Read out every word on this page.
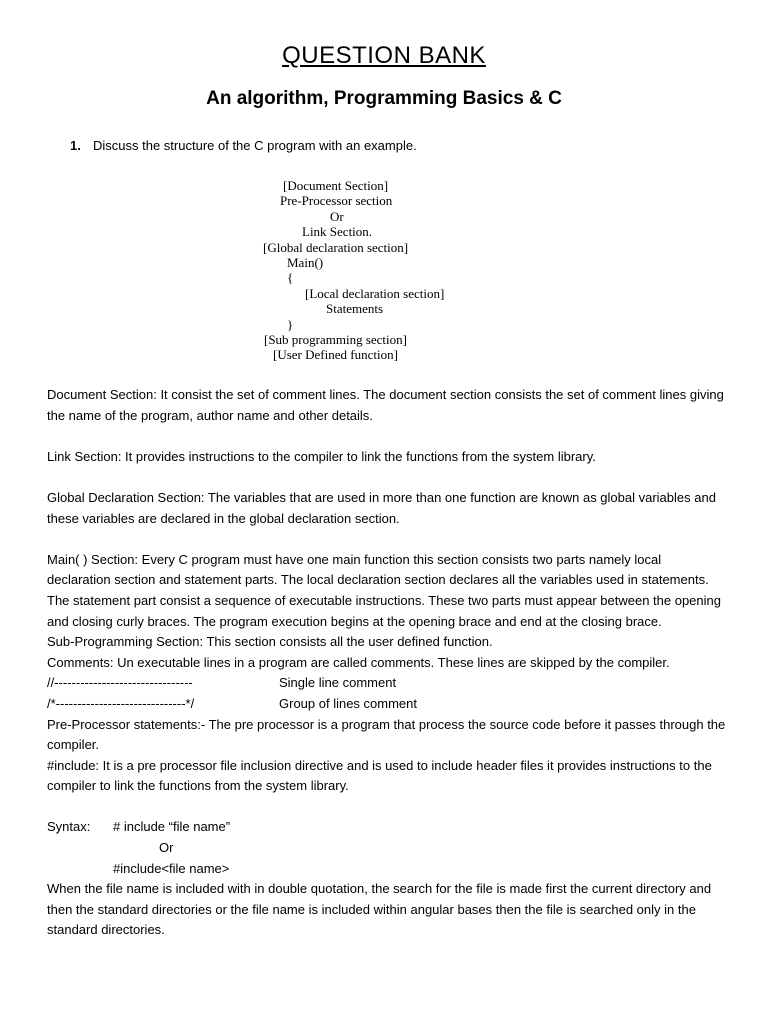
QUESTION BANK
An algorithm, Programming Basics & C
1. Discuss the structure of the C program with an example.
[Document Section]
Pre-Processor section
Or
Link Section.
[Global declaration section]
Main()
{
[Local declaration section]
Statements
}
[Sub programming section]
[User Defined function]

Document Section: It consist the set of comment lines. The document section consists the set of comment lines giving the name of the program, author name and other details.

Link Section: It provides instructions to the compiler to link the functions from the system library.

Global Declaration Section: The variables that are used in more than one function are known as global variables and these variables are declared in the global declaration section.

Main( ) Section: Every C program must have one main function this section consists two parts namely local declaration section and statement parts. The local declaration section declares all the variables used in statements. The statement part consist a sequence of executable instructions. These two parts must appear between the opening and closing curly braces. The program execution begins at the opening brace and end at the closing brace.

Sub-Programming Section: This section consists all the user defined function.

Comments: Un executable lines in a program are called comments. These lines are skipped by the compiler.

//--------------------------------	Single line comment
/*------------------------------*/	Group of lines comment

Pre-Processor statements:- The pre processor is a program that process the source code before it passes through the compiler.

#include: It is a pre processor file inclusion directive and is used to include header files it provides instructions to the compiler to link the functions from the system library.

Syntax: # include “file name”
Or
#include<file name>

When the file name is included with in double quotation, the search for the file is made first the current directory and then the standard directories or the file name is included within angular bases then the file is searched only in the standard directories.
